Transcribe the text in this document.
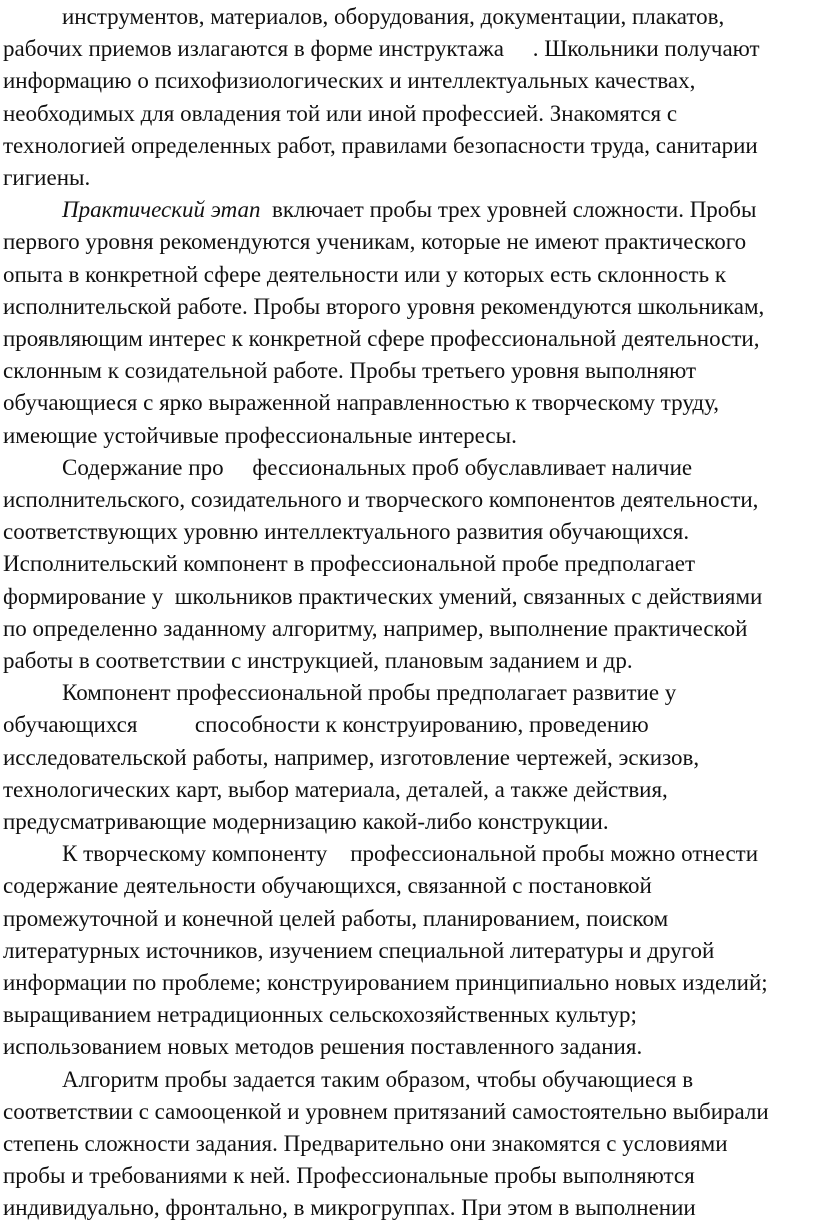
инструментов, материалов, оборудования, документации, плакатов,
рабочих приемов излагаются в форме инструктажа     . Школьники получают
информацию о психофизиологических и интеллектуальных качествах,
необходимых для овладения той или иной профессией. Знакомятся с
технологией определенных работ, правилами безопасности труда, санитарии
гигиены.
Практический этап  включает пробы трех уровней сложности. Пробы
первого уровня рекомендуются ученикам, которые не имеют практического
опыта в конкретной сфере деятельности или у которых есть склонность к
исполнительской работе. Пробы второго уровня рекомендуются школьникам,
проявляющим интерес к конкретной сфере профессиональной деятельности,
склонным к созидательной работе. Пробы третьего уровня выполняют
обучающиеся с ярко выраженной направленностью к творческому труду,
имеющие устойчивые профессиональные интересы.
Содержание про     фессиональных проб обуславливает наличие
исполнительского, созидательного и творческого компонентов деятельности,
соответствующих уровню интеллектуального развития обучающихся.
Исполнительский компонент в профессиональной пробе предполагает
формирование у  школьников практических умений, связанных с действиями
по определенно заданному алгоритму, например, выполнение практической
работы в соответствии с инструкцией, плановым заданием и др.
Компонент профессиональной пробы предполагает развитие у
обучающихся          способности к конструированию, проведению
исследовательской работы, например, изготовление чертежей, эскизов,
технологических карт, выбор материала, деталей, а также действия,
предусматривающие модернизацию какой-либо конструкции.
К творческому компоненту    профессиональной пробы можно отнести
содержание деятельности обучающихся, связанной с постановкой
промежуточной и конечной целей работы, планированием, поиском
литературных источников, изучением специальной литературы и другой
информации по проблеме; конструированием принципиально новых изделий;
выращиванием нетрадиционных сельскохозяйственных культур;
использованием новых методов решения поставленного задания.
Алгоритм пробы задается таким образом, чтобы обучающиеся в
соответствии с самооценкой и уровнем притязаний самостоятельно выбирали
степень сложности задания. Предварительно они знакомятся с условиями
пробы и требованиями к ней. Профессиональные пробы выполняются
индивидуально, фронтально, в микрогруппах. При этом в выполнении
